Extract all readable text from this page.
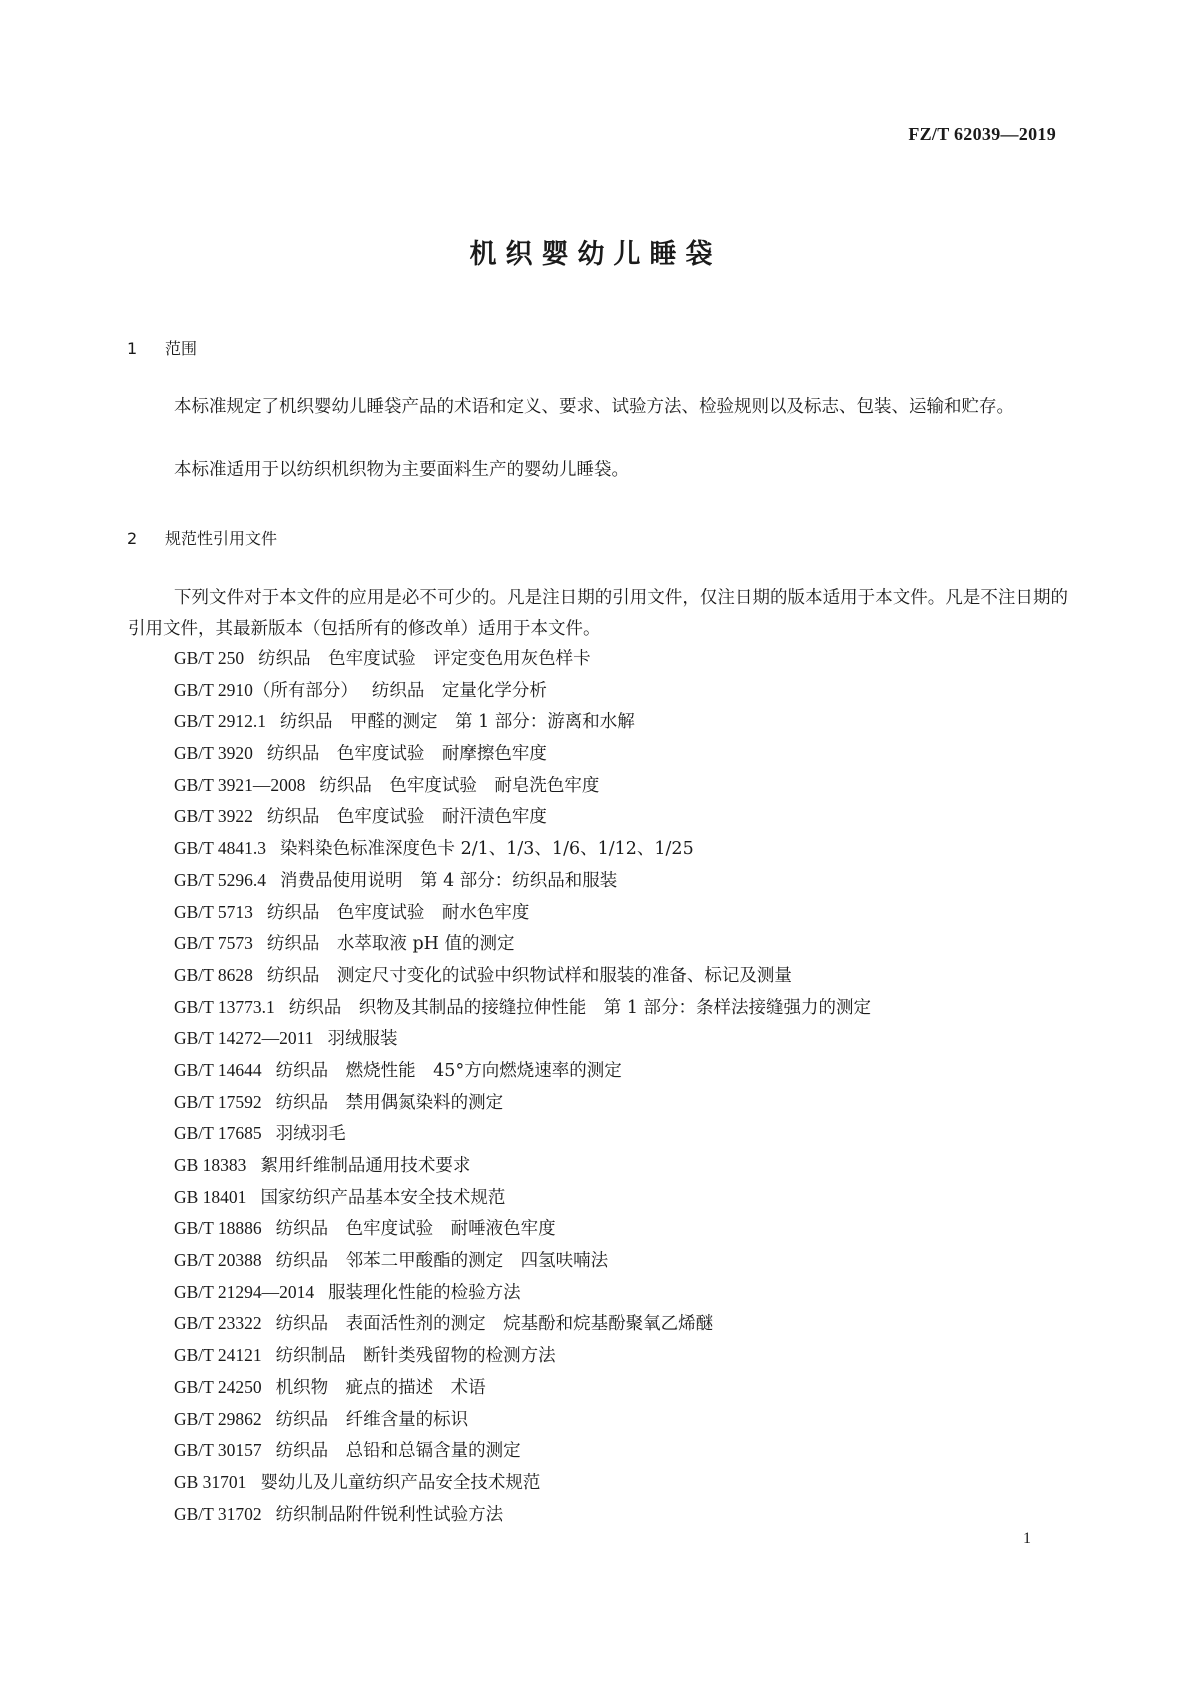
FZ/T 62039—2019
机织婴幼儿睡袋
1 范围

本标准规定了机织婴幼儿睡袋产品的术语和定义、要求、试验方法、检验规则以及标志、包装、运输和贮存。

本标准适用于以纺织机织物为主要面料生产的婴幼儿睡袋。

2 规范性引用文件

下列文件对于本文件的应用是必不可少的。凡是注日期的引用文件，仅注日期的版本适用于本文件。凡是不注日期的引用文件，其最新版本（包括所有的修改单）适用于本文件。

GB/T 250 纺织品　色牢度试验　评定变色用灰色样卡
GB/T 2910（所有部分） 纺织品　定量化学分析
GB/T 2912.1 纺织品　甲醛的测定　第 1 部分：游离和水解
GB/T 3920 纺织品　色牢度试验　耐摩擦色牢度
GB/T 3921—2008 纺织品　色牢度试验　耐皂洗色牢度
GB/T 3922 纺织品　色牢度试验　耐汗渍色牢度
GB/T 4841.3 染料染色标准深度色卡 2/1、1/3、1/6、1/12、1/25
GB/T 5296.4 消费品使用说明　第 4 部分：纺织品和服装
GB/T 5713 纺织品　色牢度试验　耐水色牢度
GB/T 7573 纺织品　水萃取液 pH 值的测定
GB/T 8628 纺织品　测定尺寸变化的试验中织物试样和服装的准备、标记及测量
GB/T 13773.1 纺织品　织物及其制品的接缝拉伸性能　第 1 部分：条样法接缝强力的测定
GB/T 14272—2011 羽绒服装
GB/T 14644 纺织品　燃烧性能　45°方向燃烧速率的测定
GB/T 17592 纺织品　禁用偶氮染料的测定
GB/T 17685 羽绒羽毛
GB 18383 絮用纤维制品通用技术要求
GB 18401 国家纺织产品基本安全技术规范
GB/T 18886 纺织品　色牢度试验　耐唾液色牢度
GB/T 20388 纺织品　邻苯二甲酸酯的测定　四氢呋喃法
GB/T 21294—2014 服装理化性能的检验方法
GB/T 23322 纺织品　表面活性剂的测定　烷基酚和烷基酚聚氧乙烯醚
GB/T 24121 纺织制品　断针类残留物的检测方法
GB/T 24250 机织物　疵点的描述　术语
GB/T 29862 纺织品　纤维含量的标识
GB/T 30157 纺织品　总铅和总镉含量的测定
GB 31701 婴幼儿及儿童纺织产品安全技术规范
GB/T 31702 纺织制品附件锐利性试验方法
1
